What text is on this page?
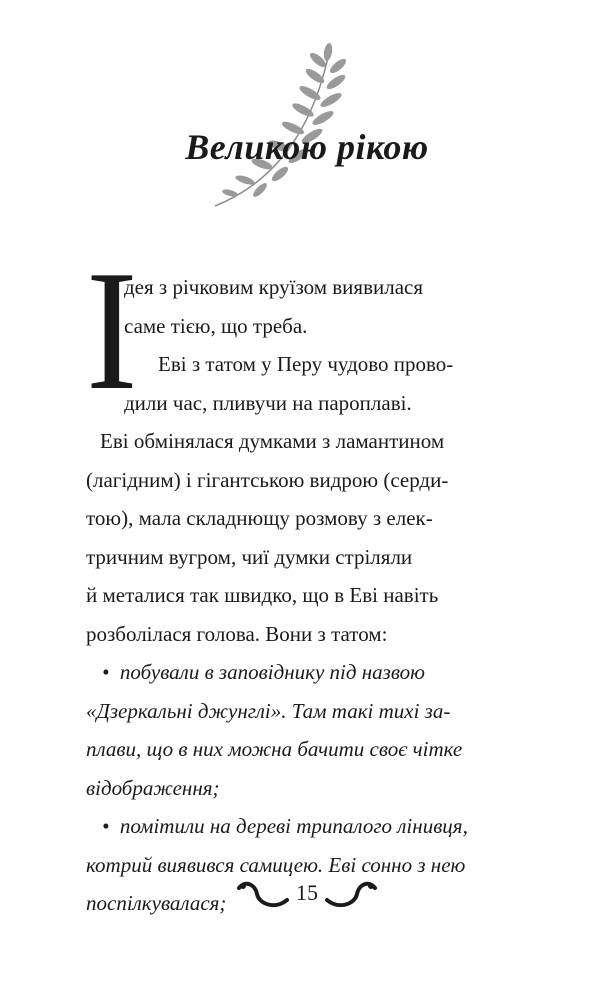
Великою рікою
І
дея з річковим круїзом виявилася
саме тією, що треба.
Еві з татом у Перу чудово прово-
дили час, пливучи на пароплаві.
Еві обмінялася думками з ламантином
(лагідним) і гігантською видрою (серди-
тою), мала складнющу розмову з елек-
тричним вугром, чиї думки стріляли
й металися так швидко, що в Еві навіть
розболілася голова. Вони з татом:
• побували в заповіднику під назвою
«Дзеркальні джунглі». Там такі тихі за-
плави, що в них можна бачити своє чітке
відображення;
• помітили на дереві трипалого лінивця,
котрий виявився самицею. Еві сонно з нею
поспілкувалася;	15
